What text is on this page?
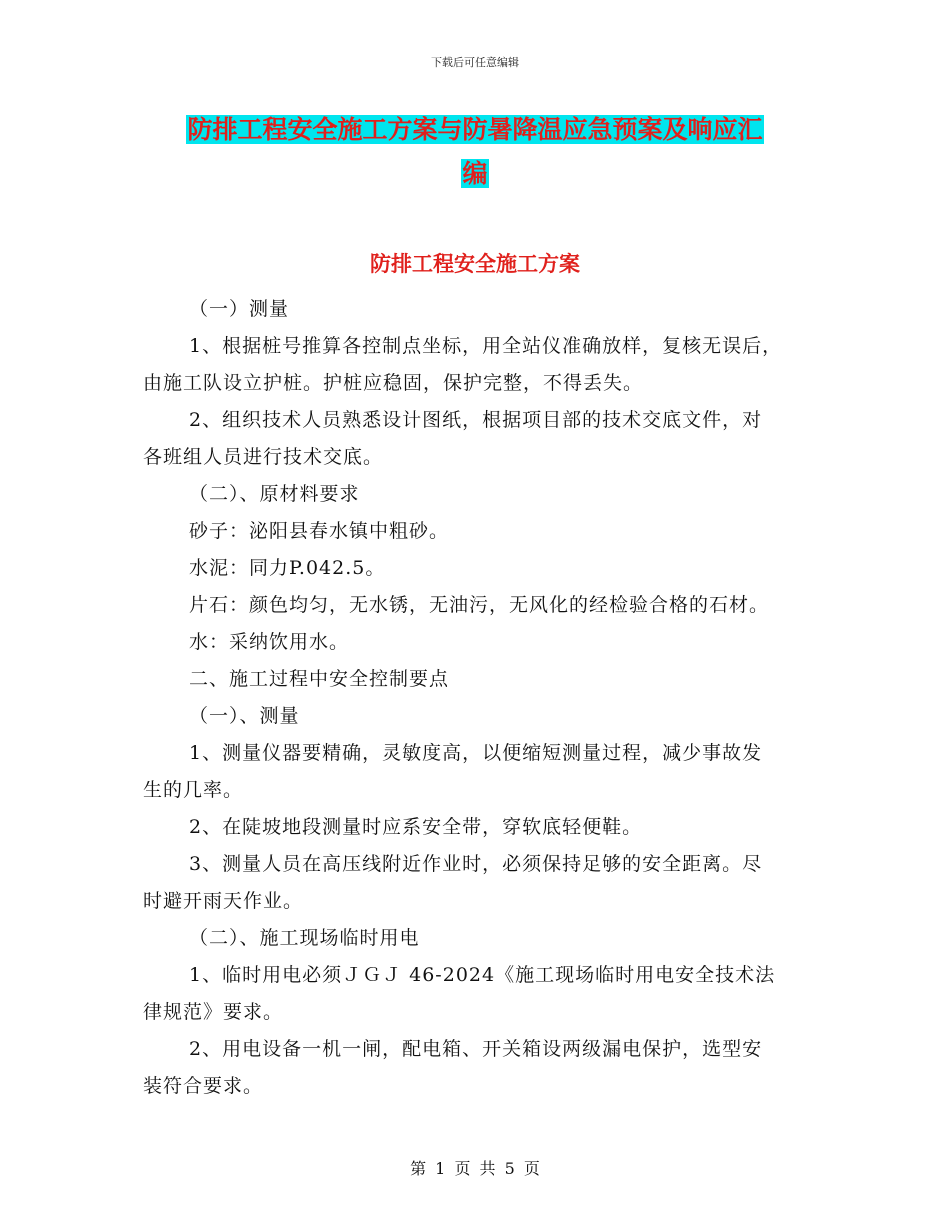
下载后可任意编辑
防排工程安全施工方案与防暑降温应急预案及响应汇
编
防排工程安全施工方案

（一）测量

1、根据桩号推算各控制点坐标，用全站仪准确放样，复核无误后，

由施工队设立护桩。护桩应稳固，保护完整，不得丢失。

2、组织技术人员熟悉设计图纸，根据项目部的技术交底文件，对

各班组人员进行技术交底。

（二）、原材料要求

砂子：泌阳县春水镇中粗砂。

水泥：同力P.042.5。

片石：颜色均匀，无水锈，无油污，无风化的经检验合格的石材。

水：采纳饮用水。

二、施工过程中安全控制要点

（一）、测量

1、测量仪器要精确，灵敏度高，以便缩短测量过程，减少事故发

生的几率。

2、在陡坡地段测量时应系安全带，穿软底轻便鞋。

3、测量人员在高压线附近作业时，必须保持足够的安全距离。尽

时避开雨天作业。

（二）、施工现场临时用电

1、临时用电必须ＪＧＪ 46-2024《施工现场临时用电安全技术法

律规范》要求。

2、用电设备一机一闸，配电箱、开关箱设两级漏电保护，选型安

装符合要求。

第 1 页 共 5 页
